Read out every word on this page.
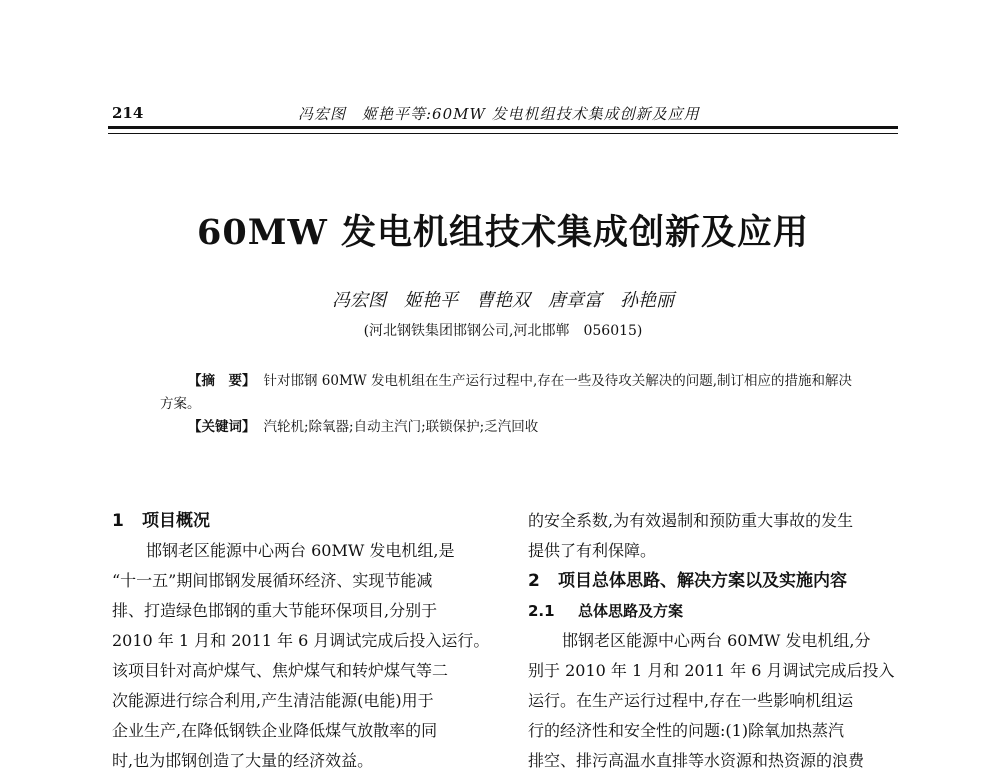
214	冯宏图　姬艳平等:60MW 发电机组技术集成创新及应用
60MW 发电机组技术集成创新及应用
冯宏图　姬艳平　曹艳双　唐章富　孙艳丽
(河北钢铁集团邯钢公司,河北邯郸　056015)
【摘　要】 针对邯钢 60MW 发电机组在生产运行过程中,存在一些及待攻关解决的问题,制订相应的措施和解决方案。
【关键词】 汽轮机;除氧器;自动主汽门;联锁保护;乏汽回收
1 项目概况
邯钢老区能源中心两台 60MW 发电机组,是
“十一五”期间邯钢发展循环经济、实现节能减
排、打造绿色邯钢的重大节能环保项目,分别于
2010 年 1 月和 2011 年 6 月调试完成后投入运行。
该项目针对高炉煤气、焦炉煤气和转炉煤气等二
次能源进行综合利用,产生清洁能源(电能)用于
企业生产,在降低钢铁企业降低煤气放散率的同
时,也为邯钢创造了大量的经济效益。
的安全系数,为有效遏制和预防重大事故的发生
提供了有利保障。
2 项目总体思路、解决方案以及实施内容
2.1 总体思路及方案
邯钢老区能源中心两台 60MW 发电机组,分
别于 2010 年 1 月和 2011 年 6 月调试完成后投入
运行。在生产运行过程中,存在一些影响机组运
行的经济性和安全性的问题:(1)除氧加热蒸汽
排空、排污高温水直排等水资源和热资源的浪费
